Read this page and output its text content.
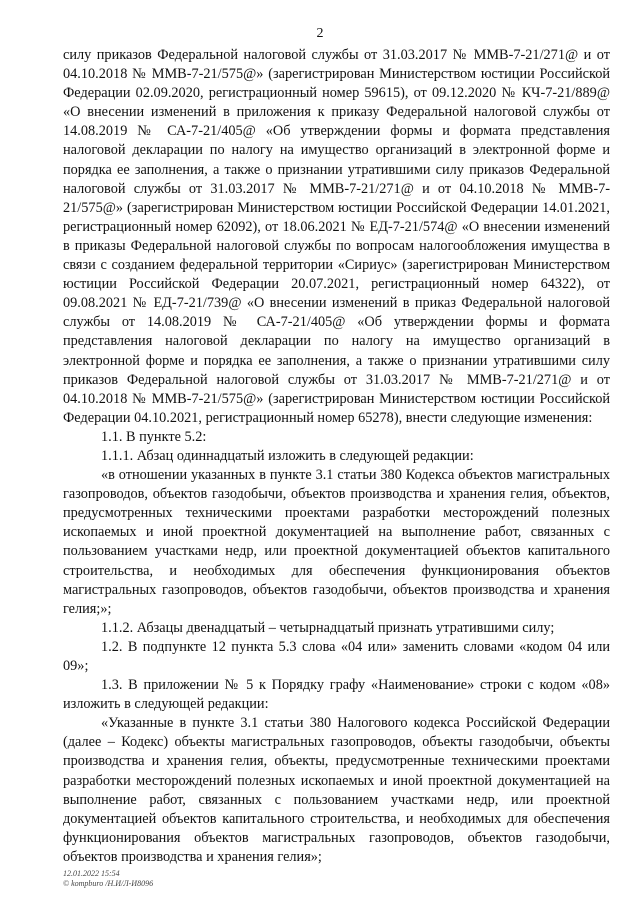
2

силу приказов Федеральной налоговой службы от 31.03.2017 № ММВ-7-21/271@ и от 04.10.2018 № ММВ-7-21/575@» (зарегистрирован Министерством юстиции Российской Федерации 02.09.2020, регистрационный номер 59615), от 09.12.2020 № КЧ-7-21/889@ «О внесении изменений в приложения к приказу Федеральной налоговой службы от 14.08.2019 № СА-7-21/405@ «Об утверждении формы и формата представления налоговой декларации по налогу на имущество организаций в электронной форме и порядка ее заполнения, а также о признании утратившими силу приказов Федеральной налоговой службы от 31.03.2017 № ММВ-7-21/271@ и от 04.10.2018 № ММВ-7-21/575@» (зарегистрирован Министерством юстиции Российской Федерации 14.01.2021, регистрационный номер 62092), от 18.06.2021 № ЕД-7-21/574@ «О внесении изменений в приказы Федеральной налоговой службы по вопросам налогообложения имущества в связи с созданием федеральной территории «Сириус» (зарегистрирован Министерством юстиции Российской Федерации 20.07.2021, регистрационный номер 64322), от 09.08.2021 № ЕД-7-21/739@ «О внесении изменений в приказ Федеральной налоговой службы от 14.08.2019 № СА-7-21/405@ «Об утверждении формы и формата представления налоговой декларации по налогу на имущество организаций в электронной форме и порядка ее заполнения, а также о признании утратившими силу приказов Федеральной налоговой службы от 31.03.2017 № ММВ-7-21/271@ и от 04.10.2018 № ММВ-7-21/575@» (зарегистрирован Министерством юстиции Российской Федерации 04.10.2021, регистрационный номер 65278), внести следующие изменения:

1.1. В пункте 5.2:

1.1.1. Абзац одиннадцатый изложить в следующей редакции:

«в отношении указанных в пункте 3.1 статьи 380 Кодекса объектов магистральных газопроводов, объектов газодобычи, объектов производства и хранения гелия, объектов, предусмотренных техническими проектами разработки месторождений полезных ископаемых и иной проектной документацией на выполнение работ, связанных с пользованием участками недр, или проектной документацией объектов капитального строительства, и необходимых для обеспечения функционирования объектов магистральных газопроводов, объектов газодобычи, объектов производства и хранения гелия;»;

1.1.2. Абзацы двенадцатый – четырнадцатый признать утратившими силу;

1.2. В подпункте 12 пункта 5.3 слова «04 или» заменить словами «кодом 04 или 09»;

1.3. В приложении № 5 к Порядку графу «Наименование» строки с кодом «08» изложить в следующей редакции:

«Указанные в пункте 3.1 статьи 380 Налогового кодекса Российской Федерации (далее – Кодекс) объекты магистральных газопроводов, объекты газодобычи, объекты производства и хранения гелия, объекты, предусмотренные техническими проектами разработки месторождений полезных ископаемых и иной проектной документацией на выполнение работ, связанных с пользованием участками недр, или проектной документацией объектов капитального строительства, и необходимых для обеспечения функционирования объектов магистральных газопроводов, объектов газодобычи, объектов производства и хранения гелия»;

12.01.2022 15:54
© kompburo /Н.И/Л-И8096
